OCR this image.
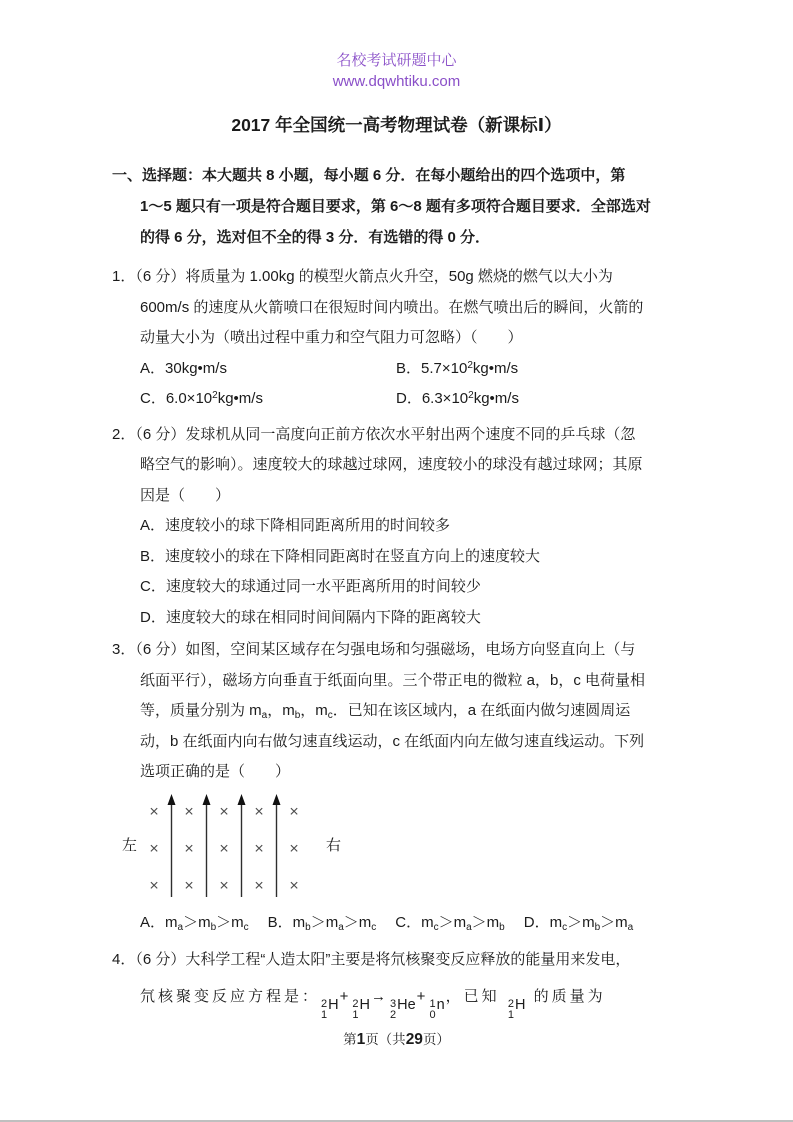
名校考试研题中心
www.dqwhtiku.com
2017 年全国统一高考物理试卷（新课标Ⅰ）
一、选择题：本大题共 8 小题，每小题 6 分．在每小题给出的四个选项中，第
1～5 题只有一项是符合题目要求，第 6～8 题有多项符合题目要求．全部选对
的得 6 分，选对但不全的得 3 分．有选错的得 0 分．
1．（6 分）将质量为 1.00kg 的模型火箭点火升空，50g 燃烧的燃气以大小为
600m/s 的速度从火箭喷口在很短时间内喷出。在燃气喷出后的瞬间，火箭的
动量大小为（喷出过程中重力和空气阻力可忽略）（　　）
A．30kg•m/s	B．$5.7\times 10^2kg•m/s$
C．$6.0\times 10^2kg•m/s$	D．$6.3\times 10^2kg•m/s$
2．（6 分）发球机从同一高度向正前方依次水平射出两个速度不同的乒乓球（忽
略空气的影响）。速度较大的球越过球网，速度较小的球没有越过球网；其原
因是（　　）
A．速度较小的球下降相同距离所用的时间较多
B．速度较小的球在下降相同距离时在竖直方向上的速度较大
C．速度较大的球通过同一水平距离所用的时间较少
D．速度较大的球在相同时间间隔内下降的距离较大
3．（6 分）如图，空间某区域存在匀强电场和匀强磁场，电场方向竖直向上（与
纸面平行），磁场方向垂直于纸面向里。三个带正电的微粒 a，b，c 电荷量相
等，质量分别为 $m_a$，$m_b$，$m_c$．已知在该区域内，a 在纸面内做匀速圆周运
动，b 在纸面内向右做匀速直线运动，c 在纸面内向左做匀速直线运动。下列
选项正确的是（　　）
左
× × × × ×
× × × × ×
× × × × ×
右
A．$m_a>m_b>m_c$ B．$m_b>m_a>m_c$ C．$m_c>m_a>m_b$ D．$m_c>m_b>m_a$
4．（6 分）大科学工程“人造太阳”主要是将氘核聚变反应释放的能量用来发电，
氘核聚变反应方程是： 2
1
H + 2
1
H → 3
2
He + 1
0
n ，已知 2
1
H 的质量为
第1页（共29页）
